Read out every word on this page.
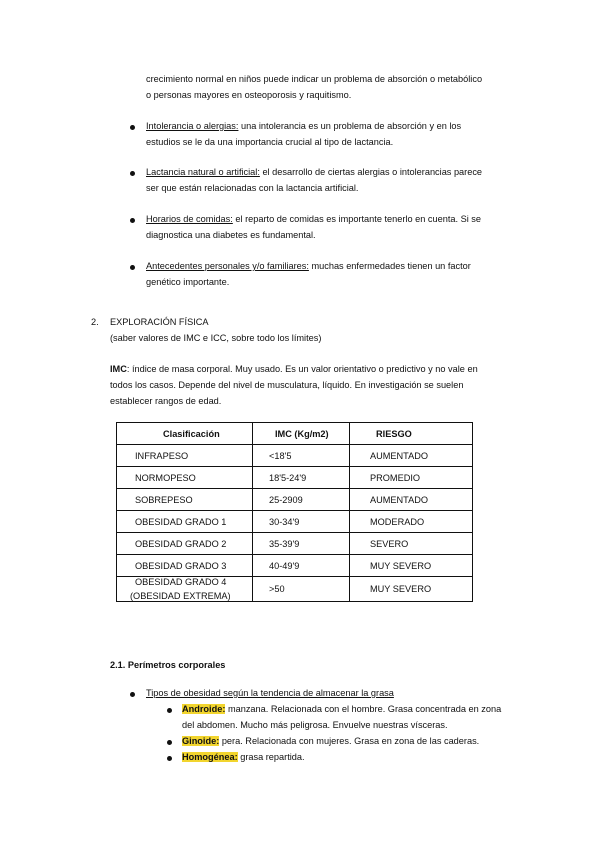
crecimiento normal en niños puede indicar un problema de absorción o metabólico
o personas mayores en osteoporosis y raquitismo.
Intolerancia o alergias: una intolerancia es un problema de absorción y en los
estudios se le da una importancia crucial al tipo de lactancia.
Lactancia natural o artificial: el desarrollo de ciertas alergias o intolerancias parece
ser que están relacionadas con la lactancia artificial.
Horarios de comidas: el reparto de comidas es importante tenerlo en cuenta. Si se
diagnostica una diabetes es fundamental.
Antecedentes personales y/o familiares: muchas enfermedades tienen un factor
genético importante.
2. EXPLORACIÓN FÍSICA
(saber valores de IMC e ICC, sobre todo los límites)
IMC: índice de masa corporal. Muy usado. Es un valor orientativo o predictivo y no vale en
todos los casos. Depende del nivel de musculatura, líquido. En investigación se suelen
establecer rangos de edad.
Clasificación	IMC (Kg/m2)	RIESGO
INFRAPESO	<18'5	AUMENTADO
NORMOPESO	18'5-24'9	PROMEDIO
SOBREPESO	25-2909	AUMENTADO
OBESIDAD GRADO 1	30-34'9	MODERADO
OBESIDAD GRADO 2	35-39'9	SEVERO
OBESIDAD GRADO 3	40-49'9	MUY SEVERO
OBESIDAD GRADO 4
(OBESIDAD EXTREMA)	>50	MUY SEVERO
2.1. Perímetros corporales
Tipos de obesidad según la tendencia de almacenar la grasa
Androide: manzana. Relacionada con el hombre. Grasa concentrada en zona
del abdomen. Mucho más peligrosa. Envuelve nuestras vísceras.
Ginoide: pera. Relacionada con mujeres. Grasa en zona de las caderas.
Homogénea: grasa repartida.
